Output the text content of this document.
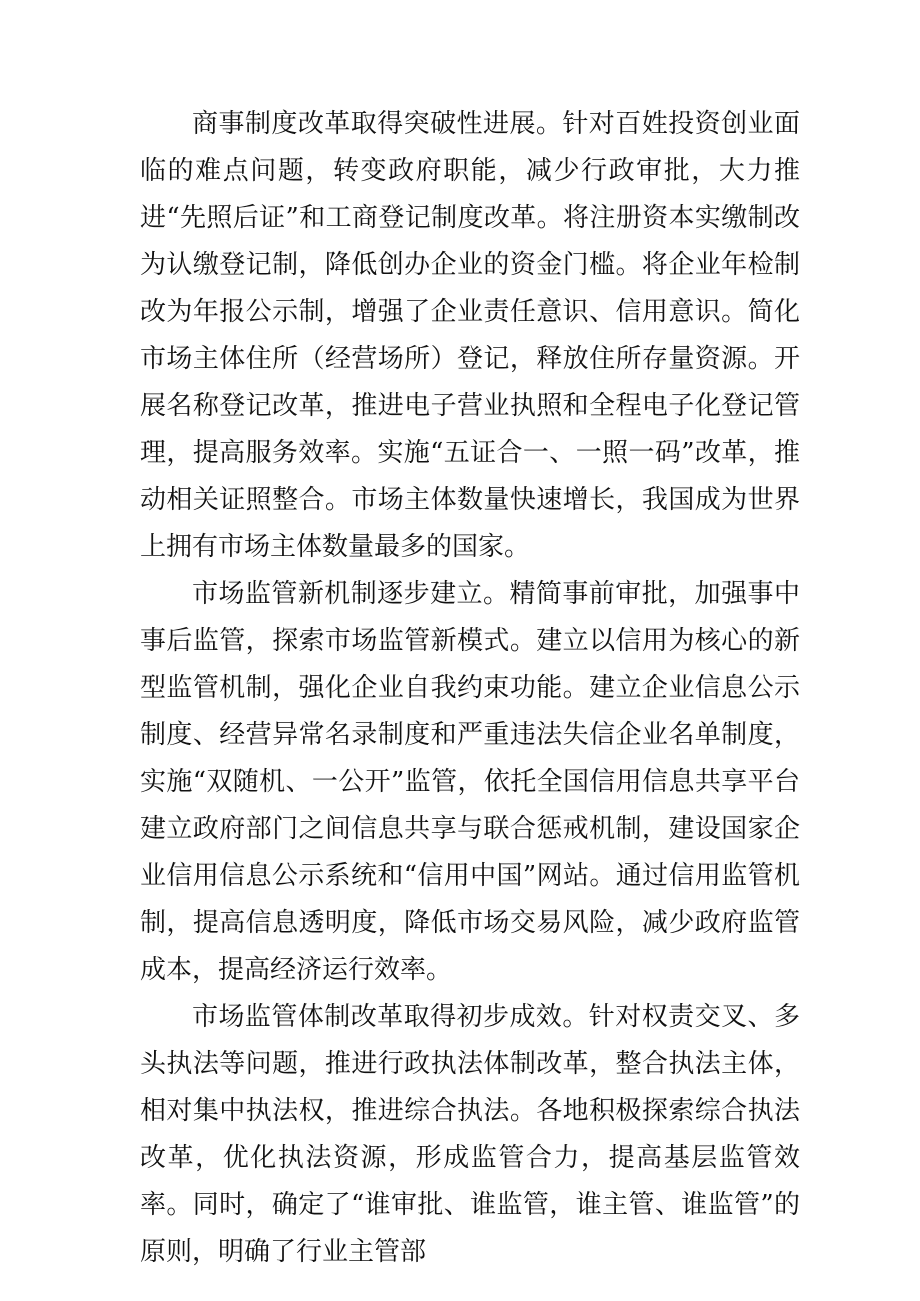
商事制度改革取得突破性进展。针对百姓投资创业面临的难点问题，转变政府职能，减少行政审批，大力推进“先照后证”和工商登记制度改革。将注册资本实缴制改为认缴登记制，降低创办企业的资金门槛。将企业年检制改为年报公示制，增强了企业责任意识、信用意识。简化市场主体住所（经营场所）登记，释放住所存量资源。开展名称登记改革，推进电子营业执照和全程电子化登记管理，提高服务效率。实施“五证合一、一照一码”改革，推动相关证照整合。市场主体数量快速增长，我国成为世界上拥有市场主体数量最多的国家。

市场监管新机制逐步建立。精简事前审批，加强事中事后监管，探索市场监管新模式。建立以信用为核心的新型监管机制，强化企业自我约束功能。建立企业信息公示制度、经营异常名录制度和严重违法失信企业名单制度，实施“双随机、一公开”监管，依托全国信用信息共享平台建立政府部门之间信息共享与联合惩戒机制，建设国家企业信用信息公示系统和“信用中国”网站。通过信用监管机制，提高信息透明度，降低市场交易风险，减少政府监管成本，提高经济运行效率。

市场监管体制改革取得初步成效。针对权责交叉、多头执法等问题，推进行政执法体制改革，整合执法主体，相对集中执法权，推进综合执法。各地积极探索综合执法改革，优化执法资源，形成监管合力，提高基层监管效率。同时，确定了“谁审批、谁监管，谁主管、谁监管”的原则，明确了行业主管部
